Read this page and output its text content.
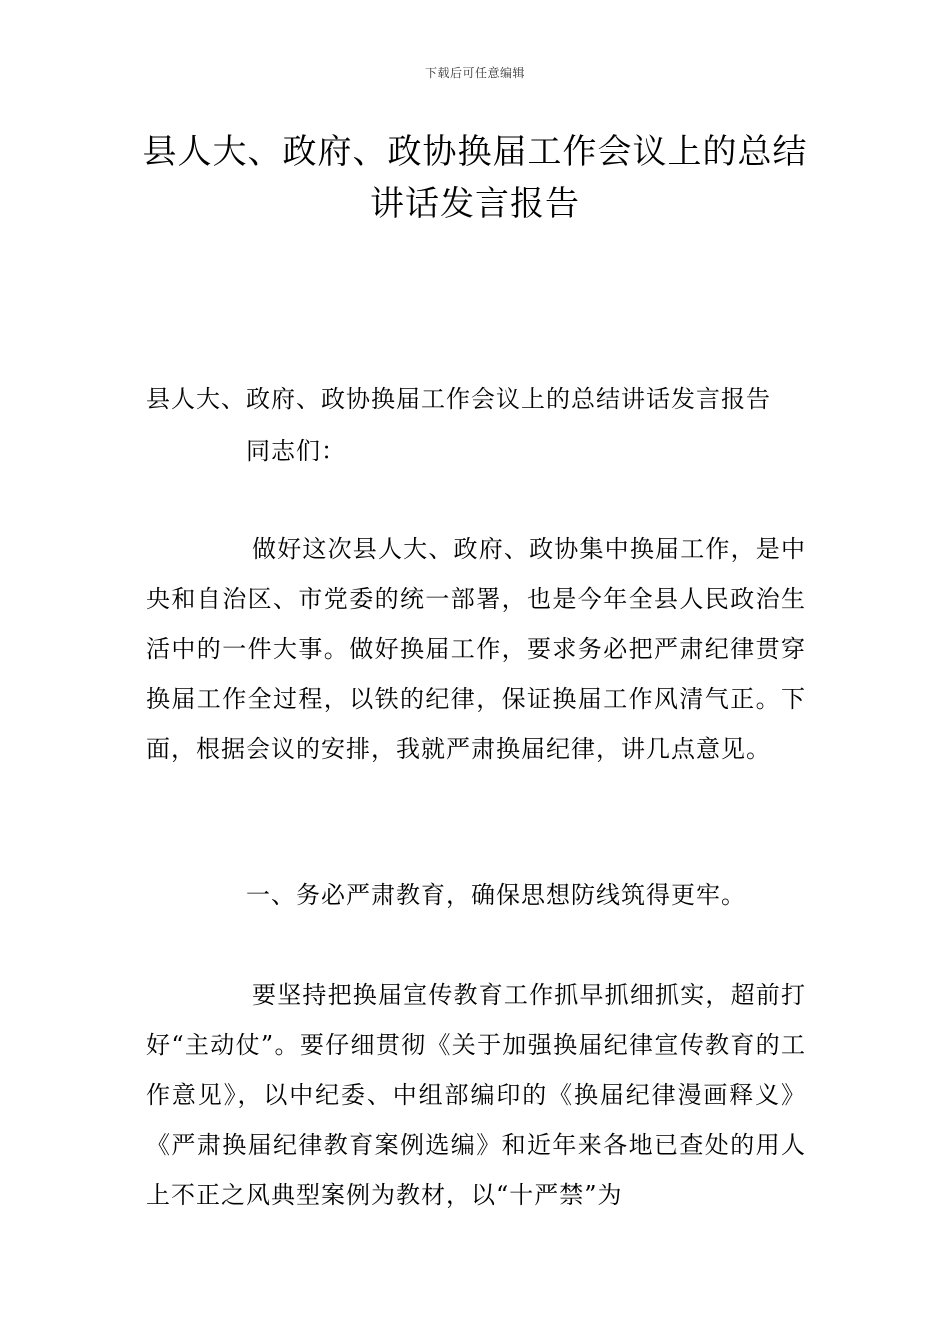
下载后可任意编辑
县人大、政府、政协换届工作会议上的总结讲话发言报告

县人大、政府、政协换届工作会议上的总结讲话发言报告

同志们：

做好这次县人大、政府、政协集中换届工作，是中央和自治区、市党委的统一部署，也是今年全县人民政治生活中的一件大事。做好换届工作，要求务必把严肃纪律贯穿换届工作全过程，以铁的纪律，保证换届工作风清气正。下面，根据会议的安排，我就严肃换届纪律，讲几点意见。

一、务必严肃教育，确保思想防线筑得更牢。

要坚持把换届宣传教育工作抓早抓细抓实，超前打好“主动仗”。要仔细贯彻《关于加强换届纪律宣传教育的工作意见》，以中纪委、中组部编印的《换届纪律漫画释义》《严肃换届纪律教育案例选编》和近年来各地已查处的用人上不正之风典型案例为教材，以“十严禁”为
